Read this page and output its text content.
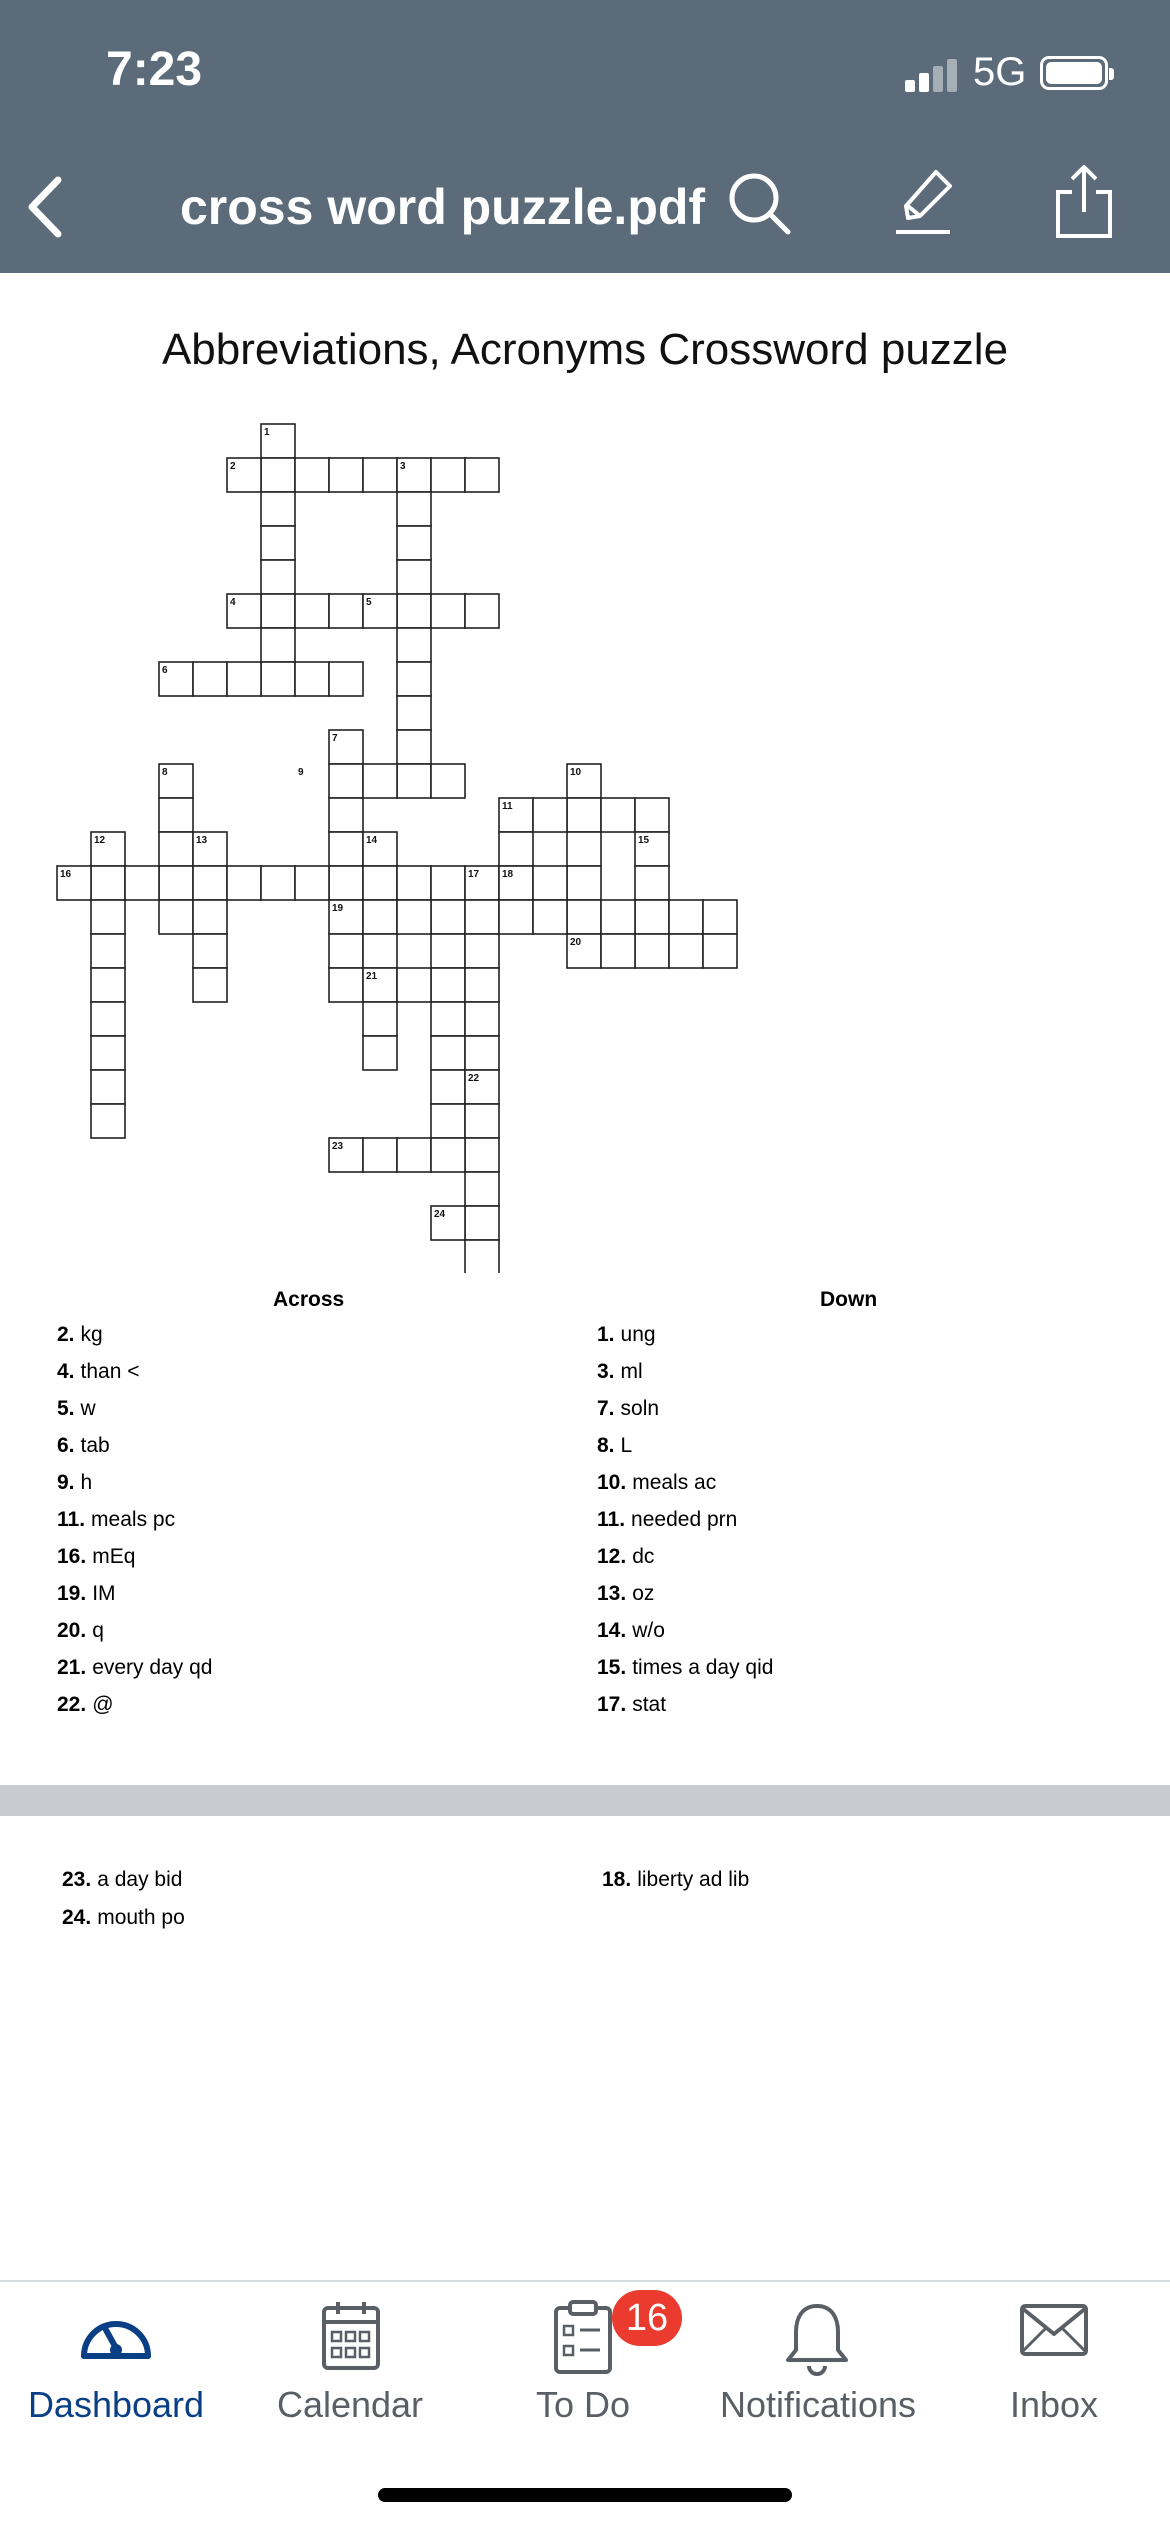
7:23	5G
cross word puzzle.pdf
Abbreviations, Acronyms Crossword puzzle
1
2	3
4	5
6
7
8	9	10
11
12	13	14	15
16	17 18
19
20
21
22
23
24
Across	Down
2. kg
4. than <
5. w
6. tab
9. h
11. meals pc
16. mEq
19. IM
20. q
21. every day qd
22. @
1. ung
3. ml
7. soln
8. L
10. meals ac
11. needed prn
12. dc
13. oz
14. w/o
15. times a day qid
17. stat
23. a day bid
24. mouth po
18. liberty ad lib
Dashboard	Calendar	To Do	Notifications	Inbox
16
